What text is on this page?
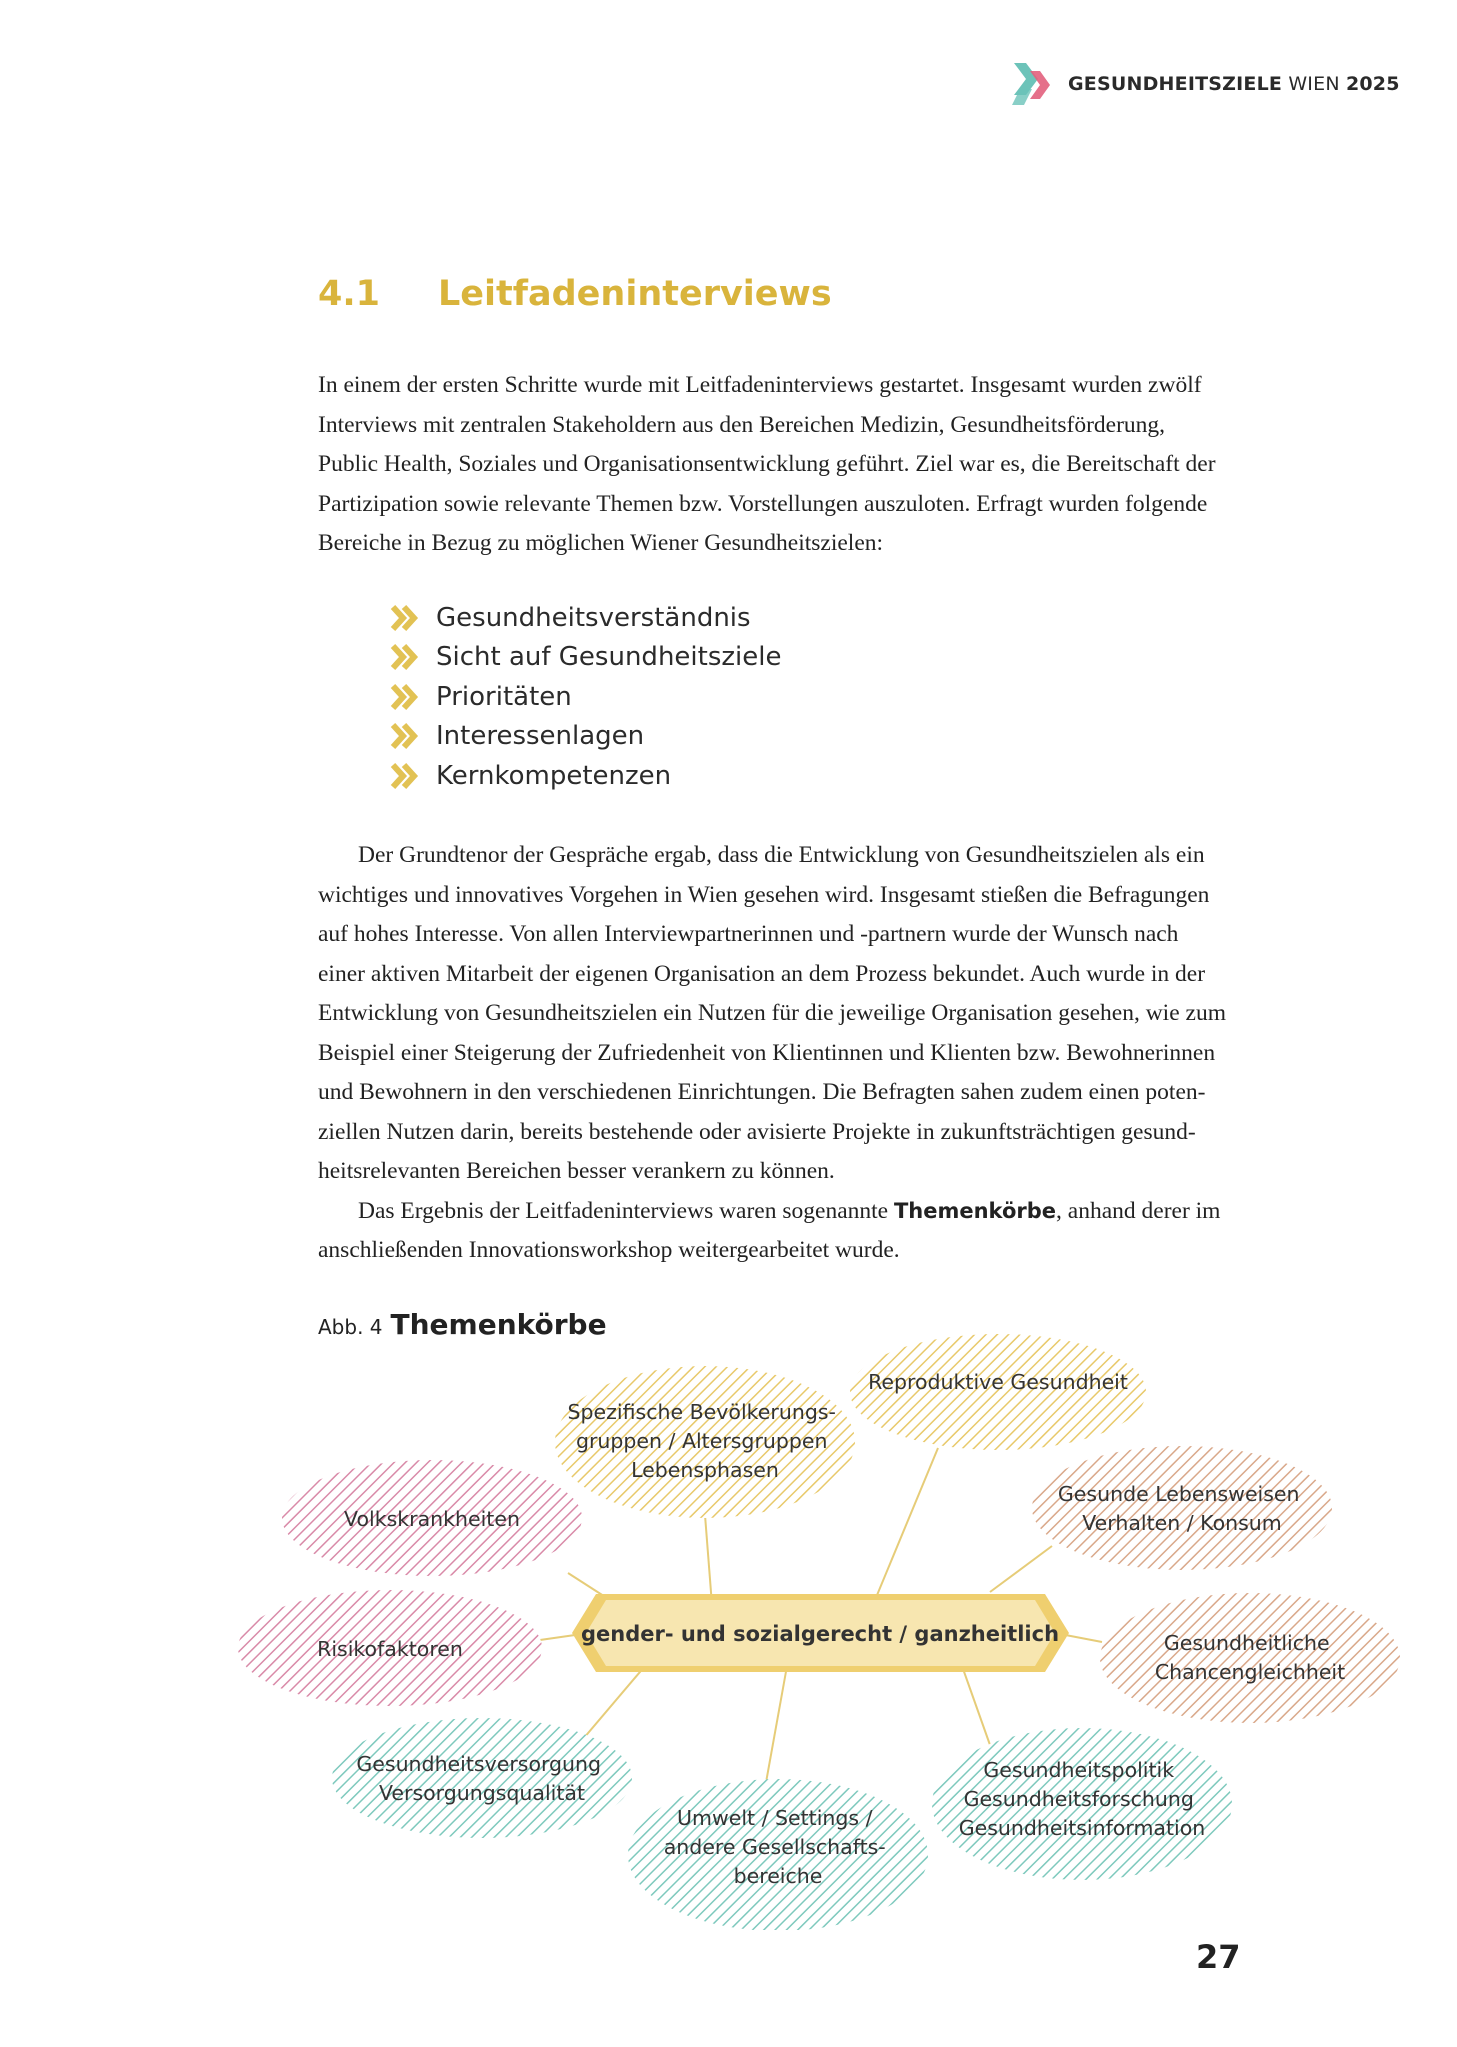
GESUNDHEITSZIELE WIEN 2025
4.1 Leitfadeninterviews

In einem der ersten Schritte wurde mit Leitfadeninterviews gestartet. Insgesamt wurden zwölf

Interviews mit zentralen Stakeholdern aus den Bereichen Medizin, Gesundheitsförderung,

Public Health, Soziales und Organisationsentwicklung geführt. Ziel war es, die Bereitschaft der

Partizipation sowie relevante Themen bzw. Vorstellungen auszuloten. Erfragt wurden folgende

Bereiche in Bezug zu möglichen Wiener Gesundheitszielen:

Gesundheitsverständnis
Sicht auf Gesundheitsziele
Prioritäten
Interessenlagen
Kernkompetenzen

Der Grundtenor der Gespräche ergab, dass die Entwicklung von Gesundheitszielen als ein

wichtiges und innovatives Vorgehen in Wien gesehen wird. Insgesamt stießen die Befragungen

auf hohes Interesse. Von allen Interviewpartnerinnen und -partnern wurde der Wunsch nach

einer aktiven Mitarbeit der eigenen Organisation an dem Prozess bekundet. Auch wurde in der

Entwicklung von Gesundheitszielen ein Nutzen für die jeweilige Organisation gesehen, wie zum

Beispiel einer Steigerung der Zufriedenheit von Klientinnen und Klienten bzw. Bewohnerinnen

und Bewohnern in den verschiedenen Einrichtungen. Die Befragten sahen zudem einen poten-

ziellen Nutzen darin, bereits bestehende oder avisierte Projekte in zukunftsträchtigen gesund-

heitsrelevanten Bereichen besser verankern zu können.

Das Ergebnis der Leitfadeninterviews waren sogenannte Themenkörbe, anhand derer im

anschließenden Innovationsworkshop weitergearbeitet wurde.

Abb. 4 Themenkörbe
Spezifische Bevölkerungs- gruppen / Altersgruppen Lebensphasen
Reproduktive Gesundheit
Volkskrankheiten
Gesunde Lebensweisen Verhalten / Konsum
Risikofaktoren	Gesundheitliche Chancengleichheit
Gesundheitsversorgung Versorgungsqualität
Umwelt / Settings / andere Gesellschafts- bereiche
Gesundheitspolitik Gesundheitsforschung Gesundheitsinformation
gender- und sozialgerecht / ganzheitlich
27
